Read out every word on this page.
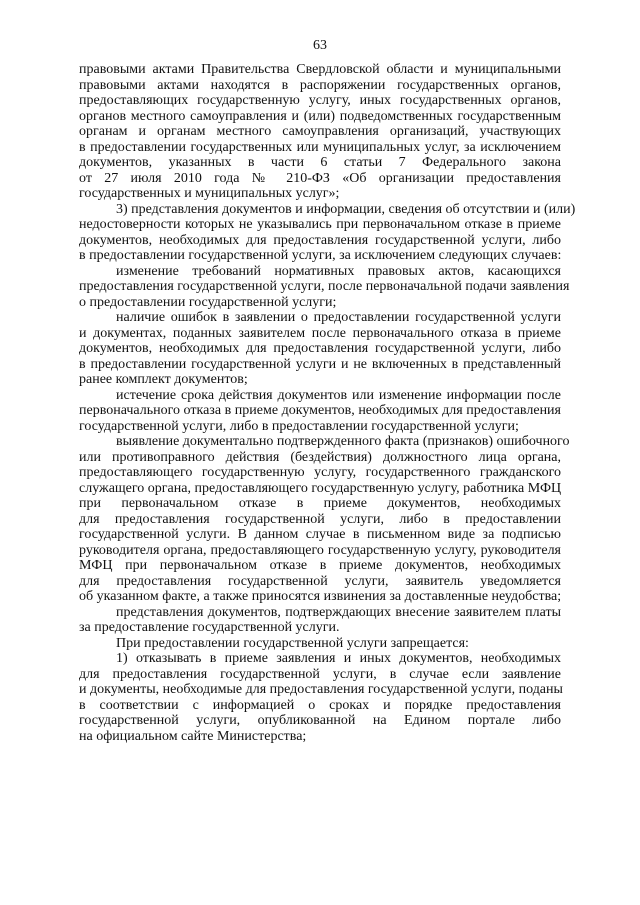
63
правовыми актами Правительства Свердловской области и муниципальными
правовыми актами находятся в распоряжении государственных органов,
предоставляющих государственную услугу, иных государственных органов,
органов местного самоуправления и (или) подведомственных государственным
органам и органам местного самоуправления организаций, участвующих
в предоставлении государственных или муниципальных услуг, за исключением
документов, указанных в части 6 статьи 7 Федерального закона
от 27 июля 2010 года № 210-ФЗ «Об организации предоставления
государственных и муниципальных услуг»;
3) представления документов и информации, сведения об отсутствии и (или)
недостоверности которых не указывались при первоначальном отказе в приеме
документов, необходимых для предоставления государственной услуги, либо
в предоставлении государственной услуги, за исключением следующих случаев:
изменение требований нормативных правовых актов, касающихся
предоставления государственной услуги, после первоначальной подачи заявления
о предоставлении государственной услуги;
наличие ошибок в заявлении о предоставлении государственной услуги
и документах, поданных заявителем после первоначального отказа в приеме
документов, необходимых для предоставления государственной услуги, либо
в предоставлении государственной услуги и не включенных в представленный
ранее комплект документов;
истечение срока действия документов или изменение информации после
первоначального отказа в приеме документов, необходимых для предоставления
государственной услуги, либо в предоставлении государственной услуги;
выявление документально подтвержденного факта (признаков) ошибочного
или противоправного действия (бездействия) должностного лица органа,
предоставляющего государственную услугу, государственного гражданского
служащего органа, предоставляющего государственную услугу, работника МФЦ
при первоначальном отказе в приеме документов, необходимых
для предоставления государственной услуги, либо в предоставлении
государственной услуги. В данном случае в письменном виде за подписью
руководителя органа, предоставляющего государственную услугу, руководителя
МФЦ при первоначальном отказе в приеме документов, необходимых
для предоставления государственной услуги, заявитель уведомляется
об указанном факте, а также приносятся извинения за доставленные неудобства;
представления документов, подтверждающих внесение заявителем платы
за предоставление государственной услуги.
При предоставлении государственной услуги запрещается:
1) отказывать в приеме заявления и иных документов, необходимых
для предоставления государственной услуги, в случае если заявление
и документы, необходимые для предоставления государственной услуги, поданы
в соответствии с информацией о сроках и порядке предоставления
государственной услуги, опубликованной на Едином портале либо
на официальном сайте Министерства;
